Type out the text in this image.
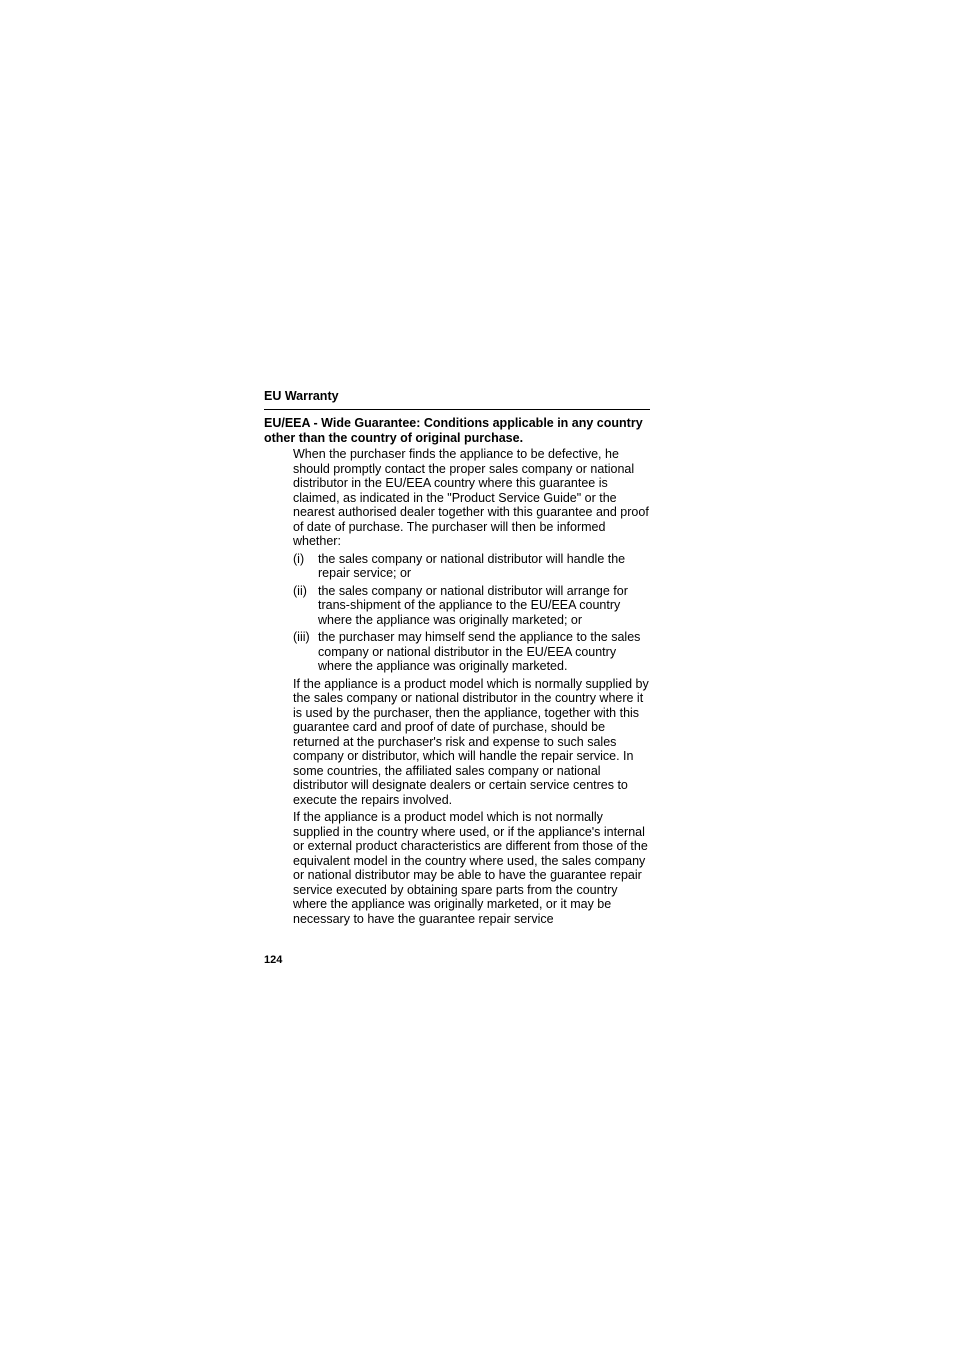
EU Warranty
EU/EEA - Wide Guarantee: Conditions applicable in any country other than the country of original purchase.

When the purchaser finds the appliance to be defective, he should promptly contact the proper sales company or national distributor in the EU/EEA country where this guarantee is claimed, as indicated in the "Product Service Guide" or the nearest authorised dealer together with this guarantee and proof of date of purchase. The purchaser will then be informed whether:

(i)	the sales company or national distributor will handle the repair service; or
(ii) the sales company or national distributor will arrange for trans-shipment of the appliance to the EU/EEA country where the appliance was originally marketed; or
(iii) the purchaser may himself send the appliance to the sales company or national distributor in the EU/EEA country where the appliance was originally marketed.

If the appliance is a product model which is normally supplied by the sales company or national distributor in the country where it is used by the purchaser, then the appliance, together with this guarantee card and proof of date of purchase, should be returned at the purchaser's risk and expense to such sales company or distributor, which will handle the repair service. In some countries, the affiliated sales company or national distributor will designate dealers or certain service centres to execute the repairs involved.

If the appliance is a product model which is not normally supplied in the country where used, or if the appliance's internal or external product characteristics are different from those of the equivalent model in the country where used, the sales company or national distributor may be able to have the guarantee repair service executed by obtaining spare parts from the country where the appliance was originally marketed, or it may be necessary to have the guarantee repair service

124
